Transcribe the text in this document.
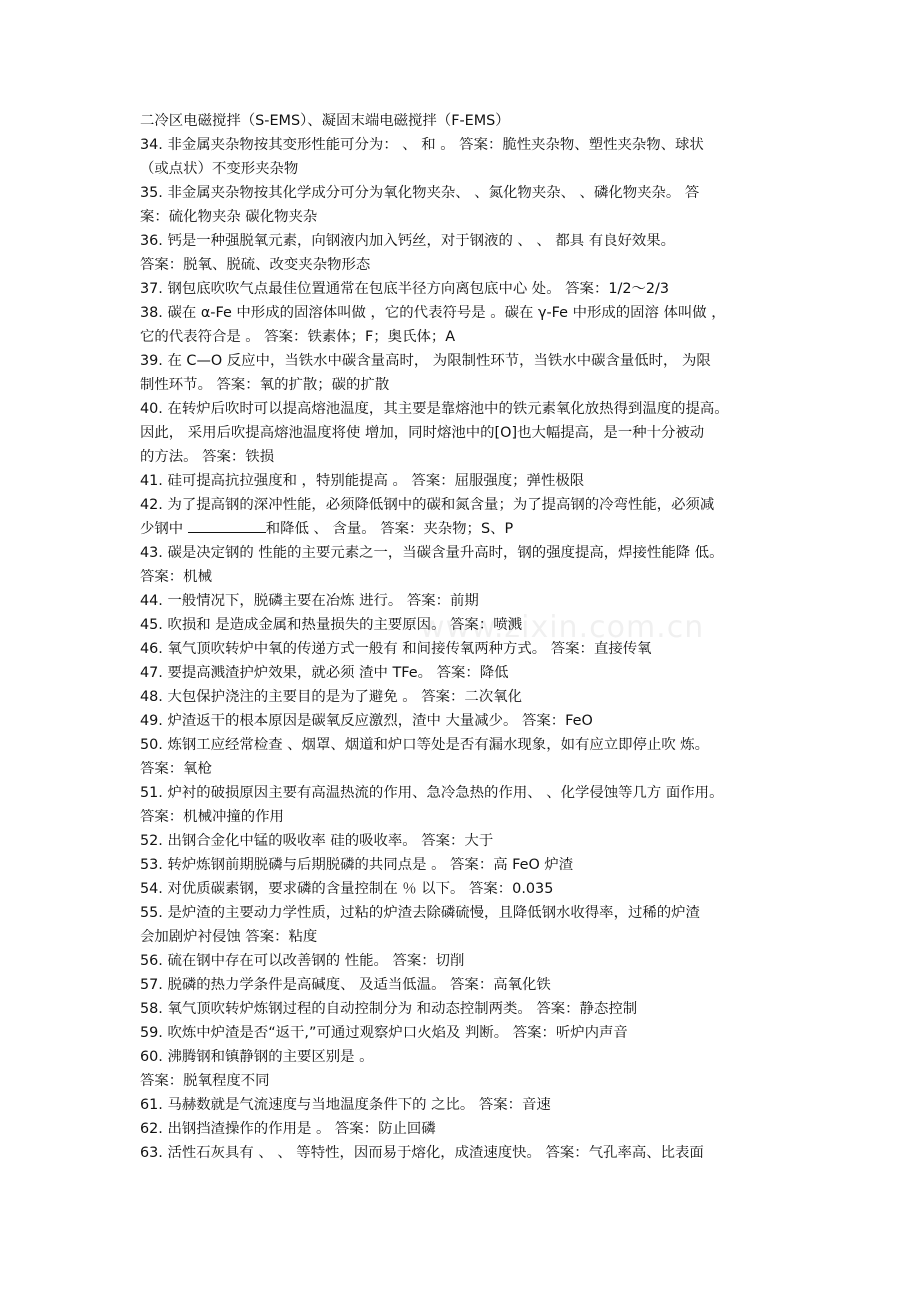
www.zixin.com.cn
二冷区电磁搅拌（S-EMS）、凝固末端电磁搅拌（F-EMS）
34. 非金属夹杂物按其变形性能可分为： 、 和 。 答案：脆性夹杂物、塑性夹杂物、球状
（或点状）不变形夹杂物
35. 非金属夹杂物按其化学成分可分为氧化物夹杂、 、氮化物夹杂、 、磷化物夹杂。 答
案：硫化物夹杂 碳化物夹杂
36. 钙是一种强脱氧元素，向钢液内加入钙丝，对于钢液的 、 、 都具 有良好效果。
答案：脱氧、脱硫、改变夹杂物形态
37. 钢包底吹吹气点最佳位置通常在包底半径方向离包底中心 处。 答案：1/2～2/3
38. 碳在 α-Fe 中形成的固溶体叫做 ，它的代表符号是 。碳在 γ-Fe 中形成的固溶 体叫做 ，
它的代表符合是 。 答案：铁素体；F；奥氏体；A
39. 在 C—O 反应中，当铁水中碳含量高时， 为限制性环节，当铁水中碳含量低时， 为限
制性环节。 答案：氧的扩散；碳的扩散
40. 在转炉后吹时可以提高熔池温度，其主要是靠熔池中的铁元素氧化放热得到温度的提高。
因此， 采用后吹提高熔池温度将使 增加，同时熔池中的[O]也大幅提高，是一种十分被动
的方法。 答案：铁损
41. 硅可提高抗拉强度和 ，特别能提高 。 答案：屈服强度；弹性极限
42. 为了提高钢的深冲性能，必须降低钢中的碳和氮含量；为了提高钢的冷弯性能，必须减
少钢中	和降低 、 含量。 答案：夹杂物；S、P
43. 碳是决定钢的 性能的主要元素之一，当碳含量升高时，钢的强度提高，焊接性能降 低。
答案：机械
44. 一般情况下，脱磷主要在冶炼 进行。 答案：前期
45. 吹损和 是造成金属和热量损失的主要原因。 答案：喷溅
46. 氧气顶吹转炉中氧的传递方式一般有 和间接传氧两种方式。 答案：直接传氧
47. 要提高溅渣护炉效果，就必须 渣中 TFe。 答案：降低
48. 大包保护浇注的主要目的是为了避免 。 答案：二次氧化
49. 炉渣返干的根本原因是碳氧反应激烈，渣中 大量减少。 答案：FeO
50. 炼钢工应经常检查 、烟罩、烟道和炉口等处是否有漏水现象，如有应立即停止吹 炼。
答案：氧枪
51. 炉衬的破损原因主要有高温热流的作用、急冷急热的作用、 、化学侵蚀等几方 面作用。
答案：机械冲撞的作用
52. 出钢合金化中锰的吸收率 硅的吸收率。 答案：大于
53. 转炉炼钢前期脱磷与后期脱磷的共同点是 。 答案：高 FeO 炉渣
54. 对优质碳素钢，要求磷的含量控制在 ％ 以下。 答案：0.035
55. 是炉渣的主要动力学性质，过粘的炉渣去除磷硫慢，且降低钢水收得率，过稀的炉渣
会加剧炉衬侵蚀 答案：粘度
56. 硫在钢中存在可以改善钢的 性能。 答案：切削
57. 脱磷的热力学条件是高碱度、 及适当低温。 答案：高氧化铁
58. 氧气顶吹转炉炼钢过程的自动控制分为 和动态控制两类。 答案：静态控制
59. 吹炼中炉渣是否“返干,”可通过观察炉口火焰及 判断。 答案：听炉内声音
60. 沸腾钢和镇静钢的主要区别是 。
答案：脱氧程度不同
61. 马赫数就是气流速度与当地温度条件下的 之比。 答案：音速
62. 出钢挡渣操作的作用是 。 答案：防止回磷
63. 活性石灰具有 、 、 等特性，因而易于熔化，成渣速度快。 答案：气孔率高、比表面
